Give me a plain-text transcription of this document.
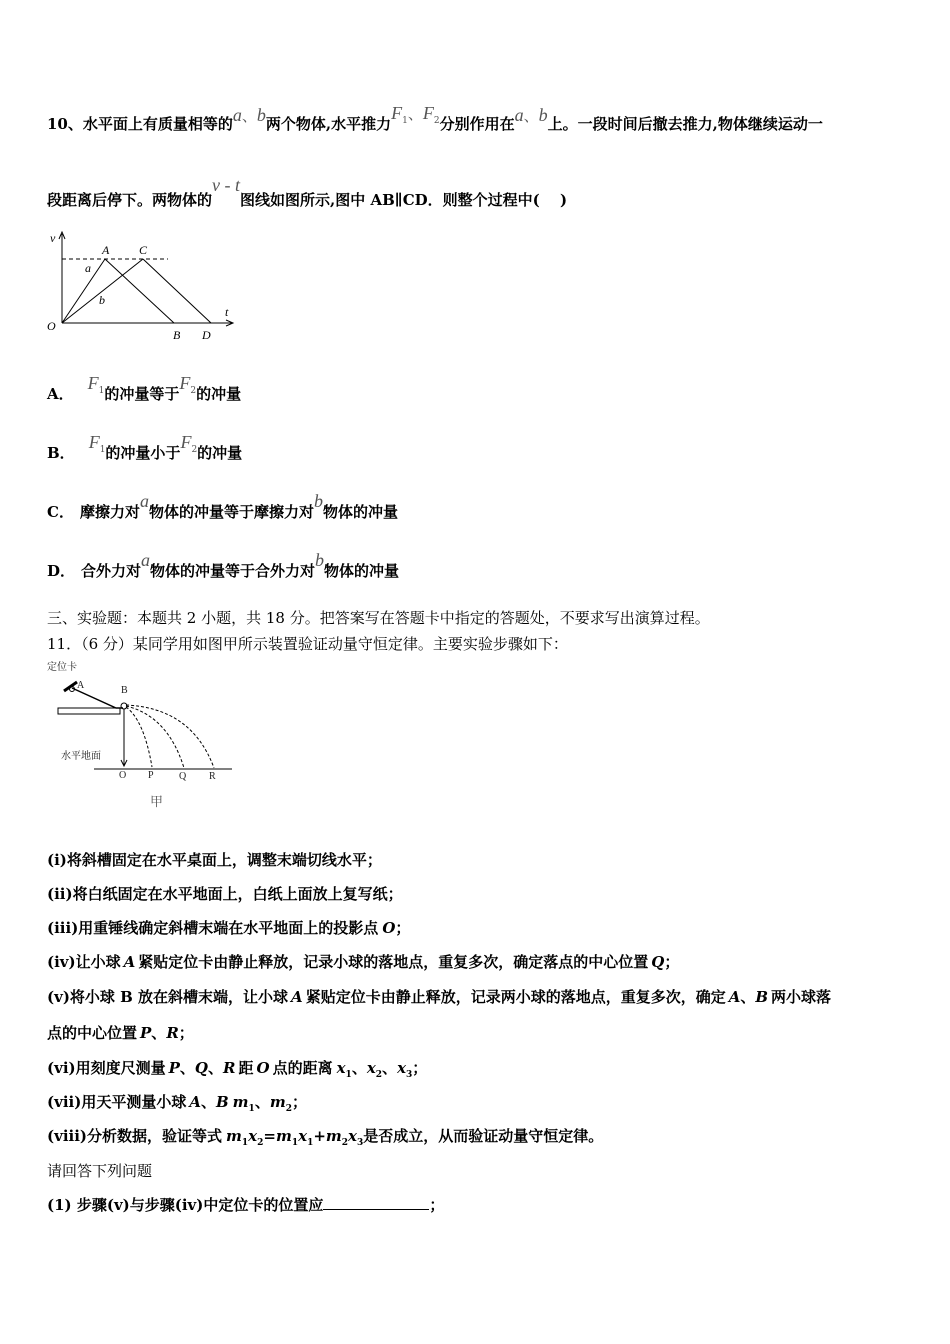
10、水平面上有质量相等的a、b两个物体,水平推力$F_1$、$F_2$分别作用在a、b上。一段时间后撤去推力,物体继续运动一
段距离后停下。两物体的v - t图线如图所示,图中 AB∥CD．则整个过程中(　 )
v
t
O
A C
a
b
B D
A．$F_1$的冲量等于$F_2$的冲量
B．$F_1$的冲量小于$F_2$的冲量
C． 摩擦力对a物体的冲量等于摩擦力对b物体的冲量
D． 合外力对a物体的冲量等于合外力对b物体的冲量
三、实验题：本题共 2 小题，共 18 分。把答案写在答题卡中指定的答题处，不要求写出演算过程。
11．（6 分）某同学用如图甲所示装置验证动量守恒定律。主要实验步骤如下：
定位卡
A	B
水平地面
O P	Q R
甲
(i)将斜槽固定在水平桌面上，调整末端切线水平；
(ii)将白纸固定在水平地面上，白纸上面放上复写纸；
(iii)用重锤线确定斜槽末端在水平地面上的投影点 O；
(iv)让小球 A 紧贴定位卡由静止释放，记录小球的落地点，重复多次，确定落点的中心位置 Q；
(v)将小球 B 放在斜槽末端，让小球 A 紧贴定位卡由静止释放，记录两小球的落地点，重复多次，确定 A、B 两小球落
点的中心位置 P、R；
(vi)用刻度尺测量 P、Q、R 距 O 点的距离 $x_1$、$x_2$、$x_3$；
(vii)用天平测量小球 A、B $m_1$、$m_2$；
(viii)分析数据，验证等式 $m_1x_2=m_1x_1+m_2x_3$是否成立，从而验证动量守恒定律。
请回答下列问题
(1) 步骤(v)与步骤(iv)中定位卡的位置应	；
